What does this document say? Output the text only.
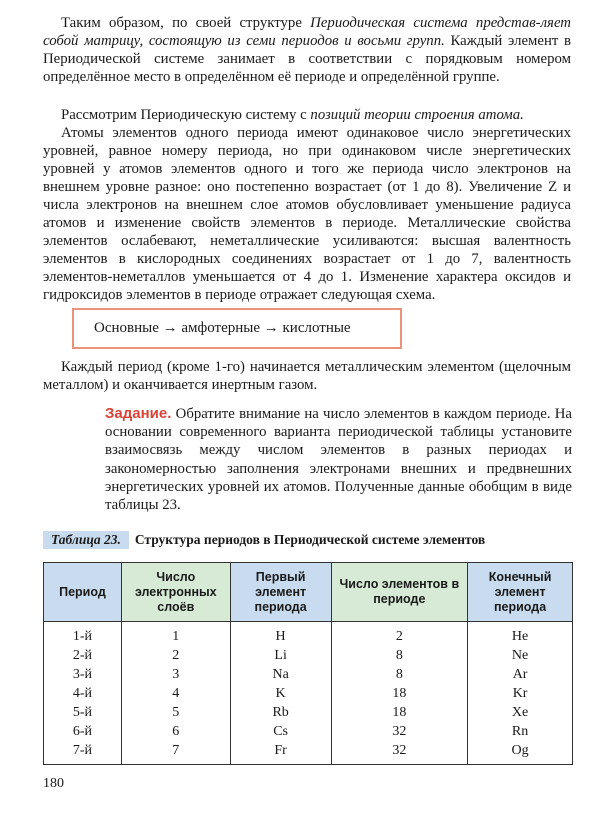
Таким образом, по своей структуре Периодическая система представ-ляет собой матрицу, состоящую из семи периодов и восьми групп. Каждый элемент в Периодической системе занимает в соответствии с порядковым номером определённое место в определённом её периоде и определённой группе.

Рассмотрим Периодическую систему с позиций теории строения атома.

Атомы элементов одного периода имеют одинаковое число энергетических уровней, равное номеру периода, но при одинаковом числе энергетических уровней у атомов элементов одного и того же периода число электронов на внешнем уровне разное: оно постепенно возрастает (от 1 до 8). Увеличение Z и числа электронов на внешнем слое атомов обусловливает уменьшение радиуса атомов и изменение свойств элементов в периоде. Металлические свойства элементов ослабевают, неметаллические усиливаются: высшая валентность элементов в кислородных соединениях возрастает от 1 до 7, валентность элементов-неметаллов уменьшается от 4 до 1. Изменение характера оксидов и гидроксидов элементов в периоде отражает следующая схема.

Основные → амфотерные → кислотные

Каждый период (кроме 1-го) начинается металлическим элементом (щелочным металлом) и оканчивается инертным газом.

Задание. Обратите внимание на число элементов в каждом периоде. На основании современного варианта периодической таблицы установите взаимосвязь между числом элементов в разных периодах и закономерностью заполнения электронами внешних и предвнешних энергетических уровней их атомов. Полученные данные обобщим в виде таблицы 23.

Таблица 23.	Структура периодов в Периодической системе элементов
Период	Число электронных слоёв	Первый элемент периода	Число элементов в периоде	Конечный элемент периода
1-й	1	H	2	He
2-й	2	Li	8	Ne
3-й	3	Na	8	Ar
4-й	4	K	18	Kr
5-й	5	Rb	18	Xe
6-й	6	Cs	32	Rn
7-й	7	Fr	32	Og
180
